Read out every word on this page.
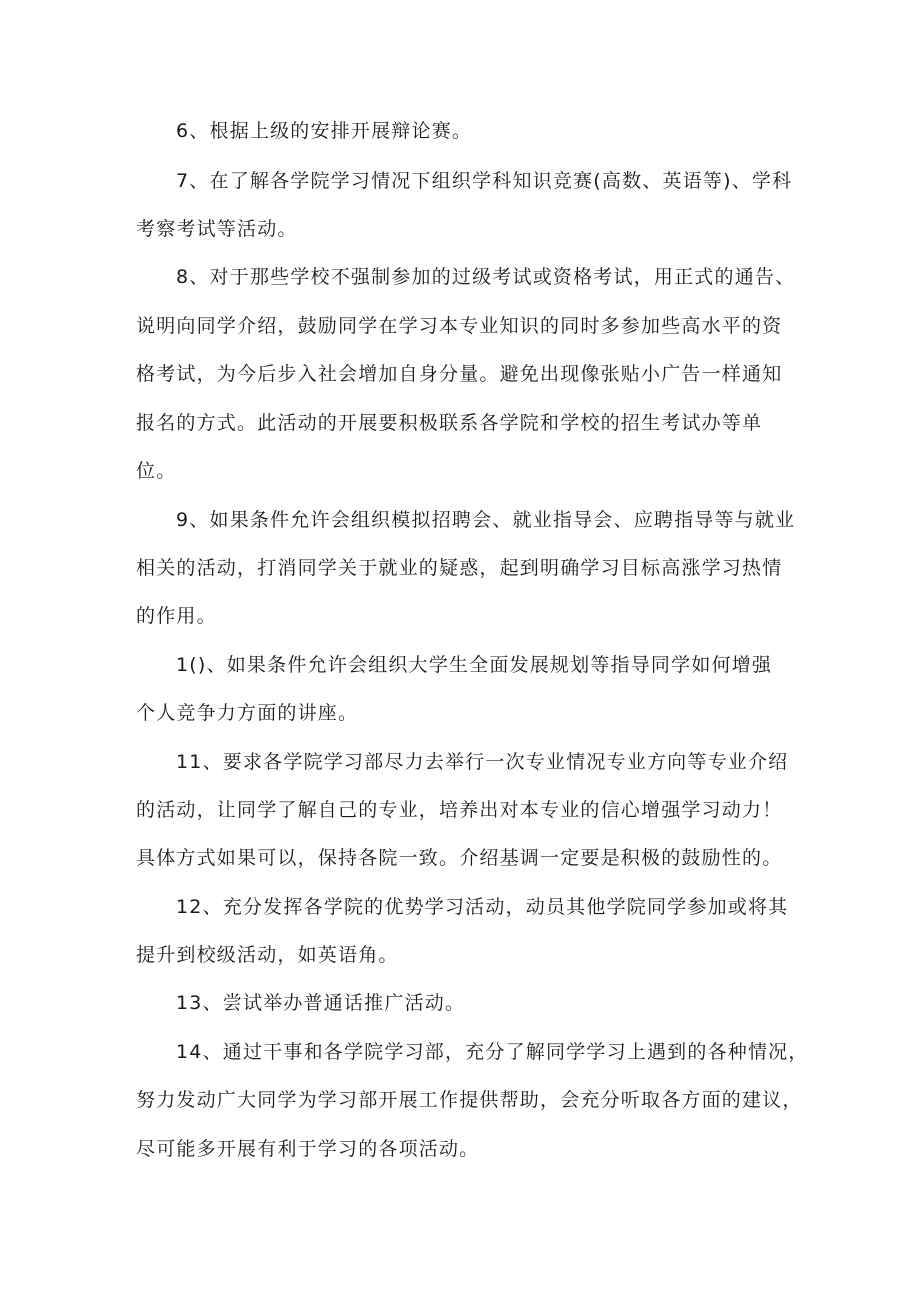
6、根据上级的安排开展辩论赛。

7、在了解各学院学习情况下组织学科知识竞赛(高数、英语等)、学科

考察考试等活动。

8、对于那些学校不强制参加的过级考试或资格考试，用正式的通告、

说明向同学介绍，鼓励同学在学习本专业知识的同时多参加些高水平的资

格考试，为今后步入社会增加自身分量。避免出现像张贴小广告一样通知

报名的方式。此活动的开展要积极联系各学院和学校的招生考试办等单

位。

9、如果条件允许会组织模拟招聘会、就业指导会、应聘指导等与就业

相关的活动，打消同学关于就业的疑惑，起到明确学习目标高涨学习热情

的作用。

1()、如果条件允许会组织大学生全面发展规划等指导同学如何增强

个人竞争力方面的讲座。

11、要求各学院学习部尽力去举行一次专业情况专业方向等专业介绍

的活动，让同学了解自己的专业，培养出对本专业的信心增强学习动力！

具体方式如果可以，保持各院一致。介绍基调一定要是积极的鼓励性的。

12、充分发挥各学院的优势学习活动，动员其他学院同学参加或将其

提升到校级活动，如英语角。

13、尝试举办普通话推广活动。

14、通过干事和各学院学习部，充分了解同学学习上遇到的各种情况，

努力发动广大同学为学习部开展工作提供帮助，会充分听取各方面的建议，

尽可能多开展有利于学习的各项活动。
